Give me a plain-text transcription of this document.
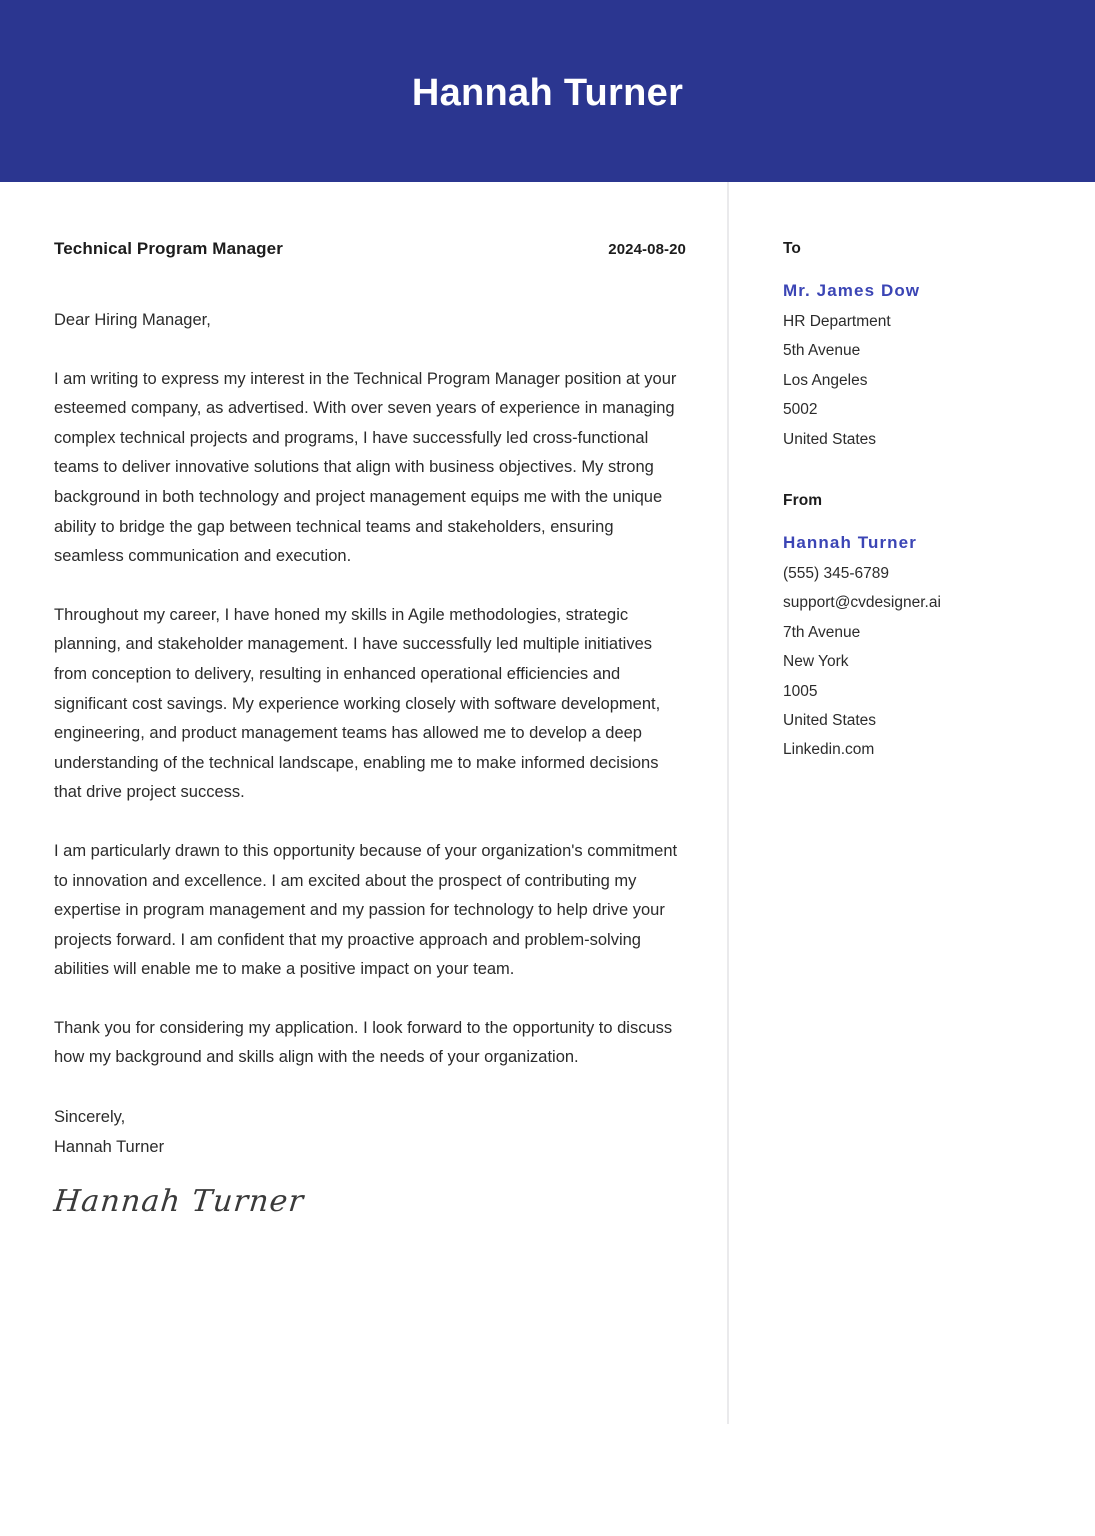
Hannah Turner
Technical Program Manager	2024-08-20

Dear Hiring Manager,

I am writing to express my interest in the Technical Program Manager position at your esteemed company, as advertised. With over seven years of experience in managing complex technical projects and programs, I have successfully led cross-functional teams to deliver innovative solutions that align with business objectives. My strong background in both technology and project management equips me with the unique ability to bridge the gap between technical teams and stakeholders, ensuring seamless communication and execution.

Throughout my career, I have honed my skills in Agile methodologies, strategic planning, and stakeholder management. I have successfully led multiple initiatives from conception to delivery, resulting in enhanced operational efficiencies and significant cost savings. My experience working closely with software development, engineering, and product management teams has allowed me to develop a deep understanding of the technical landscape, enabling me to make informed decisions that drive project success.

I am particularly drawn to this opportunity because of your organization's commitment to innovation and excellence. I am excited about the prospect of contributing my expertise in program management and my passion for technology to help drive your projects forward. I am confident that my proactive approach and problem-solving abilities will enable me to make a positive impact on your team.

Thank you for considering my application. I look forward to the opportunity to discuss how my background and skills align with the needs of your organization.

Sincerely,
Hannah Turner
Hannah Turner
To
Mr. James Dow
HR Department
5th Avenue
Los Angeles
5002
United States
From
Hannah Turner
(555) 345-6789
support@cvdesigner.ai
7th Avenue
New York
1005
United States
Linkedin.com
